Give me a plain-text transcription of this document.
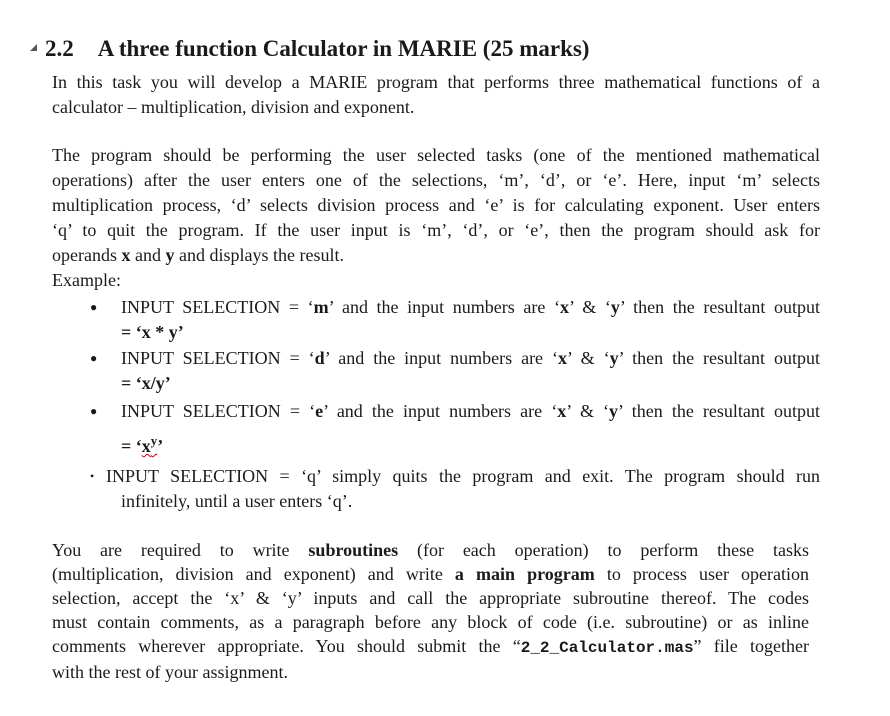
2.2 A three function Calculator in MARIE (25 marks)
In this task you will develop a MARIE program that performs three mathematical functions of a
calculator – multiplication, division and exponent.
The program should be performing the user selected tasks (one of the mentioned mathematical
operations) after the user enters one of the selections, ‘m’, ‘d’, or ‘e’. Here, input ‘m’ selects
multiplication process, ‘d’ selects division process and ‘e’ is for calculating exponent. User enters
‘q’ to quit the program. If the user input is ‘m’, ‘d’, or ‘e’, then the program should ask for
operands x and y and displays the result.
Example:
● INPUT SELECTION = ‘m’ and the input numbers are ‘x’ & ‘y’ then the resultant output
= ‘x * y’
● INPUT SELECTION = ‘d’ and the input numbers are ‘x’ & ‘y’ then the resultant output
= ‘x/y’
● INPUT SELECTION = ‘e’ and the input numbers are ‘x’ & ‘y’ then the resultant output
= ‘$x^y$’
• INPUT SELECTION = ‘q’ simply quits the program and exit. The program should run
infinitely, until a user enters ‘q’.
You are required to write subroutines (for each operation) to perform these tasks
(multiplication, division and exponent) and write a main program to process user operation
selection, accept the ‘x’ & ‘y’ inputs and call the appropriate subroutine thereof. The codes
must contain comments, as a paragraph before any block of code (i.e. subroutine) or as inline
comments wherever appropriate. You should submit the “2_2_Calculator.mas” file together
with the rest of your assignment.
